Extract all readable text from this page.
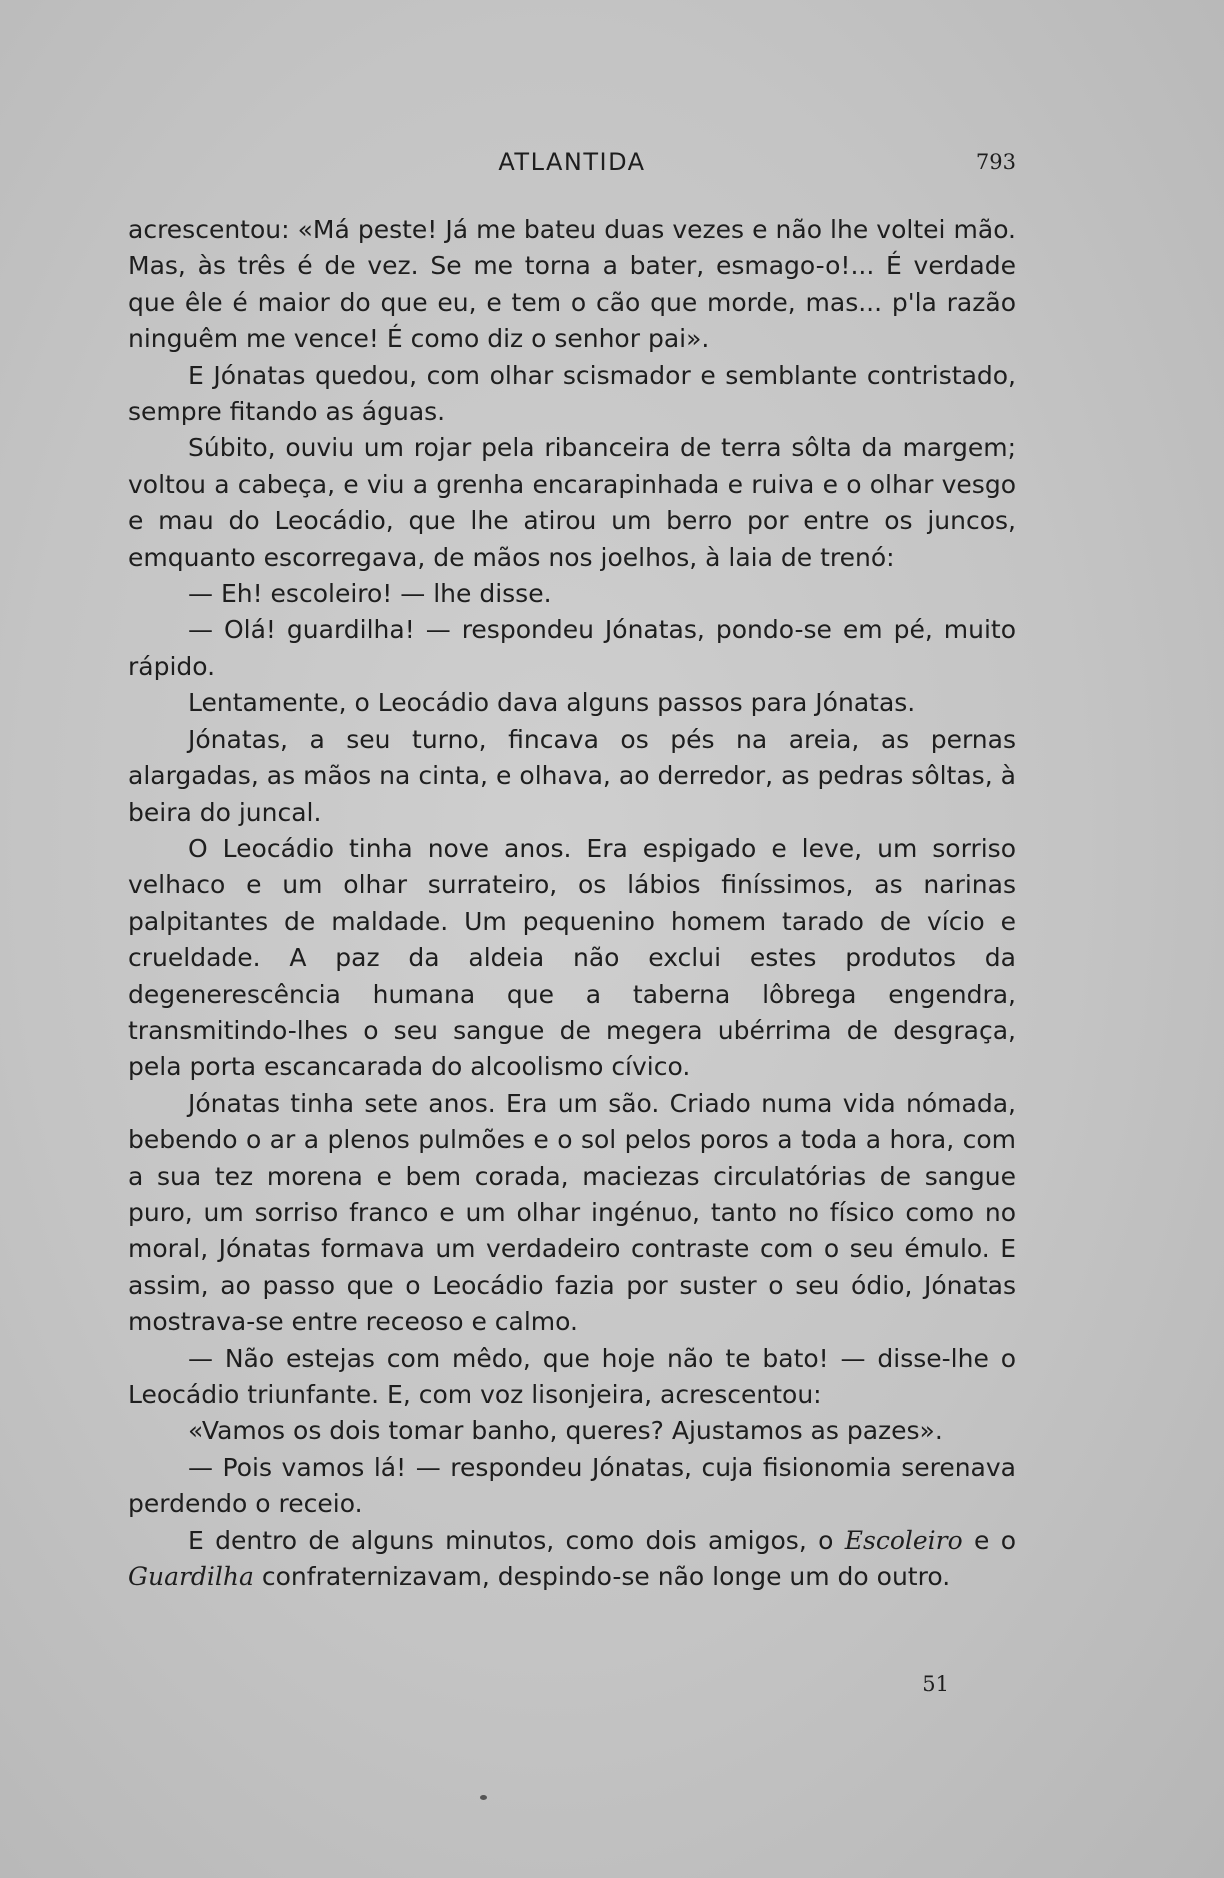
ATLANTIDA	793

acrescentou: «Má peste! Já me bateu duas vezes e não lhe voltei mão. Mas, às três é de vez. Se me torna a bater, esmago-o!... É verdade que êle é maior do que eu, e tem o cão que morde, mas... p'la razão ninguêm me vence! É como diz o senhor pai».

E Jónatas quedou, com olhar scismador e semblante contristado, sempre fitando as águas.

Súbito, ouviu um rojar pela ribanceira de terra sôlta da margem; voltou a cabeça, e viu a grenha encarapinhada e ruiva e o olhar vesgo e mau do Leocádio, que lhe atirou um berro por entre os juncos, emquanto escorregava, de mãos nos joelhos, à laia de trenó:

— Eh! escoleiro! — lhe disse.

— Olá! guardilha! — respondeu Jónatas, pondo-se em pé, muito rápido.

Lentamente, o Leocádio dava alguns passos para Jónatas.

Jónatas, a seu turno, fincava os pés na areia, as pernas alargadas, as mãos na cinta, e olhava, ao derredor, as pedras sôltas, à beira do juncal.

O Leocádio tinha nove anos. Era espigado e leve, um sorriso velhaco e um olhar surrateiro, os lábios finíssimos, as narinas palpitantes de maldade. Um pequenino homem tarado de vício e crueldade. A paz da aldeia não exclui estes produtos da degenerescência humana que a taberna lôbrega engendra, transmitindo-lhes o seu sangue de megera ubérrima de desgraça, pela porta escancarada do alcoolismo cívico.

Jónatas tinha sete anos. Era um são. Criado numa vida nómada, bebendo o ar a plenos pulmões e o sol pelos poros a toda a hora, com a sua tez morena e bem corada, maciezas circulatórias de sangue puro, um sorriso franco e um olhar ingénuo, tanto no físico como no moral, Jónatas formava um verdadeiro contraste com o seu émulo. E assim, ao passo que o Leocádio fazia por suster o seu ódio, Jónatas mostrava-se entre receoso e calmo.

— Não estejas com mêdo, que hoje não te bato! — disse-lhe o Leocádio triunfante. E, com voz lisonjeira, acrescentou:

«Vamos os dois tomar banho, queres? Ajustamos as pazes».

— Pois vamos lá! — respondeu Jónatas, cuja fisionomia serenava perdendo o receio.

E dentro de alguns minutos, como dois amigos, o Escoleiro e o Guardilha confraternizavam, despindo-se não longe um do outro.

51
